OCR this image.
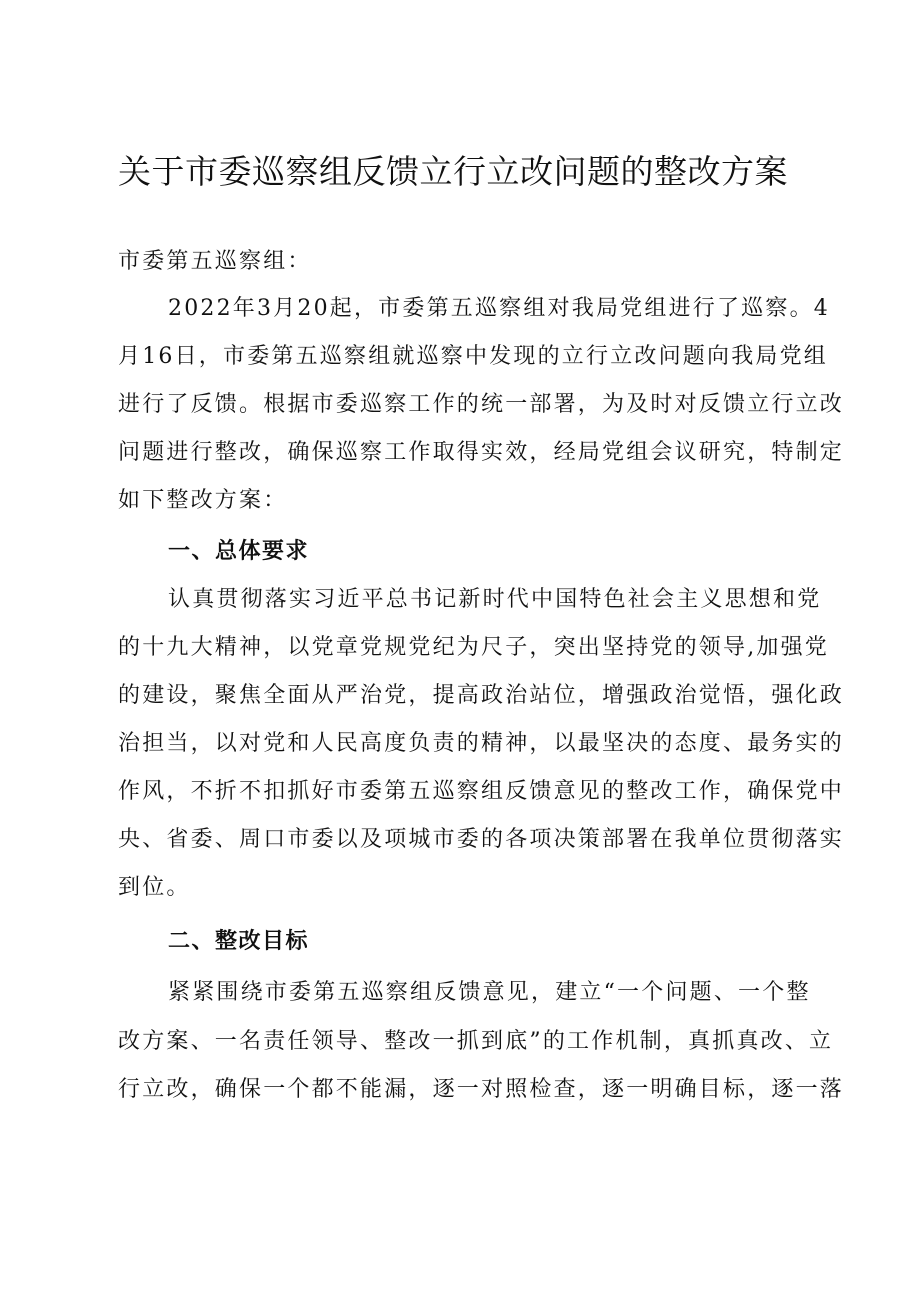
关于市委巡察组反馈立行立改问题的整改方案
市委第五巡察组：
2022年3月20起，市委第五巡察组对我局党组进行了巡察。4
月16日，市委第五巡察组就巡察中发现的立行立改问题向我局党组
进行了反馈。根据市委巡察工作的统一部署，为及时对反馈立行立改
问题进行整改，确保巡察工作取得实效，经局党组会议研究，特制定
如下整改方案：
一、总体要求
认真贯彻落实习近平总书记新时代中国特色社会主义思想和党
的十九大精神，以党章党规党纪为尺子，突出坚持党的领导,加强党
的建设，聚焦全面从严治党，提高政治站位，增强政治觉悟，强化政
治担当，以对党和人民高度负责的精神，以最坚决的态度、最务实的
作风，不折不扣抓好市委第五巡察组反馈意见的整改工作，确保党中
央、省委、周口市委以及项城市委的各项决策部署在我单位贯彻落实
到位。
二、整改目标
紧紧围绕市委第五巡察组反馈意见，建立“一个问题、一个整
改方案、一名责任领导、整改一抓到底”的工作机制，真抓真改、立
行立改，确保一个都不能漏，逐一对照检查，逐一明确目标，逐一落
